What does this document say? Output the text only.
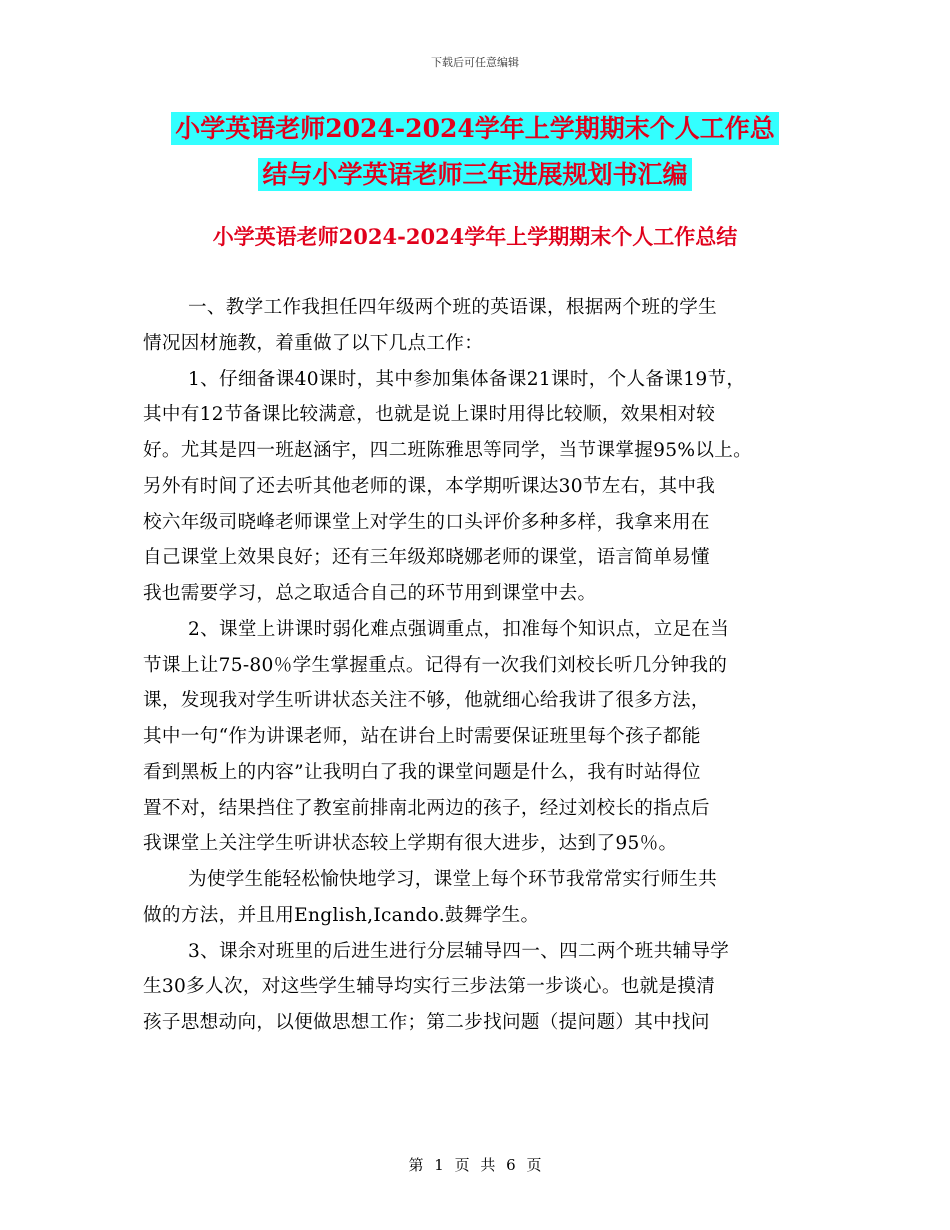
下载后可任意编辑
小学英语老师2024-2024学年上学期期末个人工作总
结与小学英语老师三年进展规划书汇编
小学英语老师2024-2024学年上学期期末个人工作总结
一、教学工作我担任四年级两个班的英语课，根据两个班的学生
情况因材施教，着重做了以下几点工作：
1、仔细备课40课时，其中参加集体备课21课时，个人备课19节，
其中有12节备课比较满意，也就是说上课时用得比较顺，效果相对较
好。尤其是四一班赵涵宇，四二班陈雅思等同学，当节课掌握95%以上。
另外有时间了还去听其他老师的课，本学期听课达30节左右，其中我
校六年级司晓峰老师课堂上对学生的口头评价多种多样，我拿来用在
自己课堂上效果良好；还有三年级郑晓娜老师的课堂，语言简单易懂
我也需要学习，总之取适合自己的环节用到课堂中去。
2、课堂上讲课时弱化难点强调重点，扣准每个知识点，立足在当
节课上让75-80％学生掌握重点。记得有一次我们刘校长听几分钟我的
课，发现我对学生听讲状态关注不够，他就细心给我讲了很多方法，
其中一句“作为讲课老师，站在讲台上时需要保证班里每个孩子都能
看到黑板上的内容”让我明白了我的课堂问题是什么，我有时站得位
置不对，结果挡住了教室前排南北两边的孩子，经过刘校长的指点后
我课堂上关注学生听讲状态较上学期有很大进步，达到了95％。
为使学生能轻松愉快地学习，课堂上每个环节我常常实行师生共
做的方法，并且用English,Icando.鼓舞学生。
3、课余对班里的后进生进行分层辅导四一、四二两个班共辅导学
生30多人次，对这些学生辅导均实行三步法第一步谈心。也就是摸清
孩子思想动向，以便做思想工作；第二步找问题（提问题）其中找问
第 1 页 共 6 页
